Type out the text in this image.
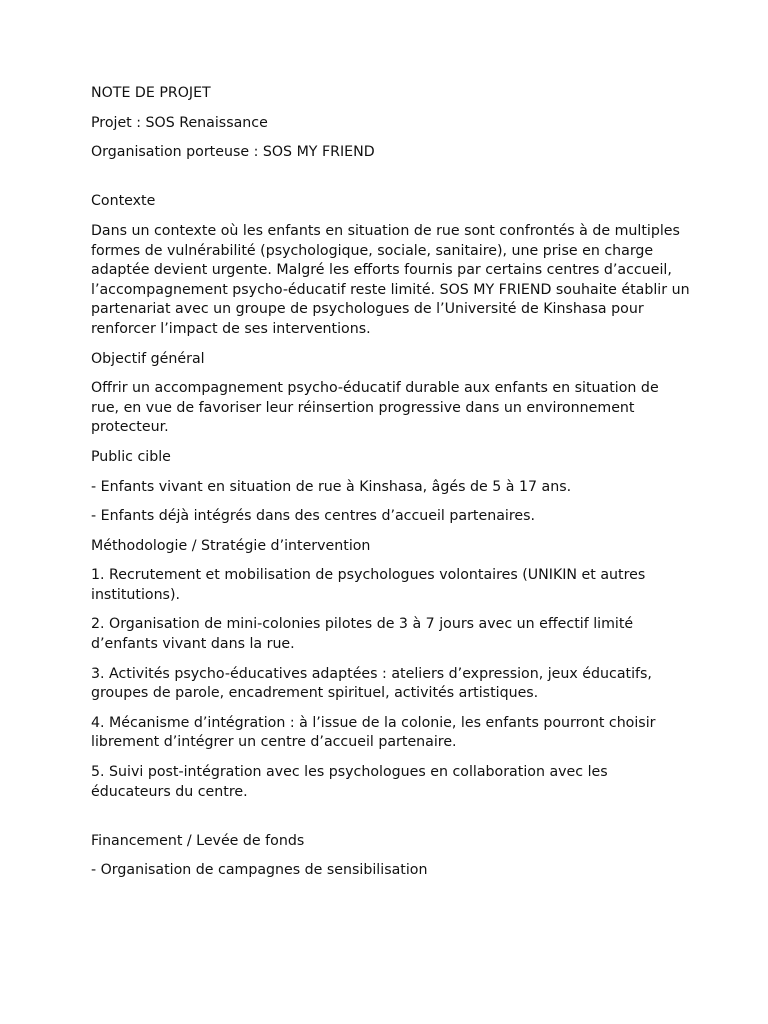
NOTE DE PROJET

Projet : SOS Renaissance

Organisation porteuse : SOS MY FRIEND

Contexte

Dans un contexte où les enfants en situation de rue sont confrontés à de multiples formes de vulnérabilité (psychologique, sociale, sanitaire), une prise en charge adaptée devient urgente. Malgré les efforts fournis par certains centres d’accueil, l’accompagnement psycho-éducatif reste limité. SOS MY FRIEND souhaite établir un partenariat avec un groupe de psychologues de l’Université de Kinshasa pour renforcer l’impact de ses interventions.

Objectif général

Offrir un accompagnement psycho-éducatif durable aux enfants en situation de rue, en vue de favoriser leur réinsertion progressive dans un environnement protecteur.

Public cible

- Enfants vivant en situation de rue à Kinshasa, âgés de 5 à 17 ans.

- Enfants déjà intégrés dans des centres d’accueil partenaires.

Méthodologie / Stratégie d’intervention

1. Recrutement et mobilisation de psychologues volontaires (UNIKIN et autres institutions).

2. Organisation de mini-colonies pilotes de 3 à 7 jours avec un effectif limité d’enfants vivant dans la rue.

3. Activités psycho-éducatives adaptées : ateliers d’expression, jeux éducatifs, groupes de parole, encadrement spirituel, activités artistiques.

4. Mécanisme d’intégration : à l’issue de la colonie, les enfants pourront choisir librement d’intégrer un centre d’accueil partenaire.

5. Suivi post-intégration avec les psychologues en collaboration avec les éducateurs du centre.

Financement / Levée de fonds

- Organisation de campagnes de sensibilisation
